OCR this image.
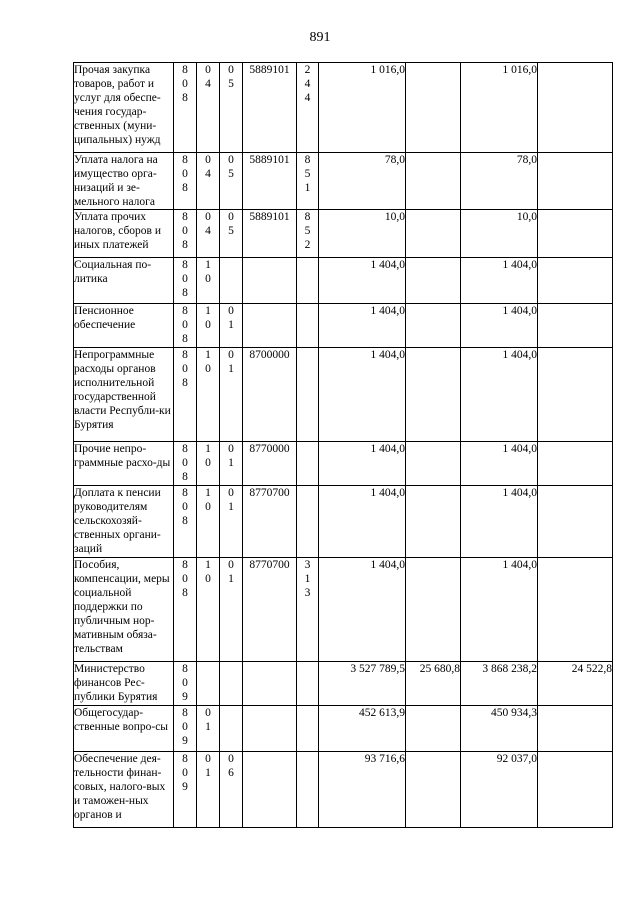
891
Прочая закупка товаров, работ и услуг для обеспе-чения государ-ственных (муни-ципальных) нужд	808	04	05	5889101	244	1 016,0		1 016,0	
Уплата налога на имущество орга-низаций и зе-мельного налога	808	04	05	5889101	851	78,0		78,0	
Уплата прочих налогов, сборов и иных платежей	808	04	05	5889101	852	10,0		10,0	
Социальная по-литика	808	10				1 404,0		1 404,0	
Пенсионное обеспечение	808	10	01			1 404,0		1 404,0	
Непрограммные расходы органов исполнительной государственной власти Республи-ки Бурятия	808	10	01	8700000		1 404,0		1 404,0	
Прочие непро-граммные расхо-ды	808	10	01	8770000		1 404,0		1 404,0	
Доплата к пенсии руководителям сельскохозяй-ственных органи-заций	808	10	01	8770700		1 404,0		1 404,0	
Пособия, компенсации, меры социальной поддержки по публичным нор-мативным обяза-тельствам	808	10	01	8770700	313	1 404,0		1 404,0	
Министерство финансов Рес-публики Бурятия	809					3 527 789,5	25 680,8	3 868 238,2	24 522,8
Общегосудар-ственные вопро-сы	809	01				452 613,9		450 934,3	
Обеспечение дея-тельности финан-совых, налого-вых и таможен-ных органов и	809	01	06			93 716,6		92 037,0	
